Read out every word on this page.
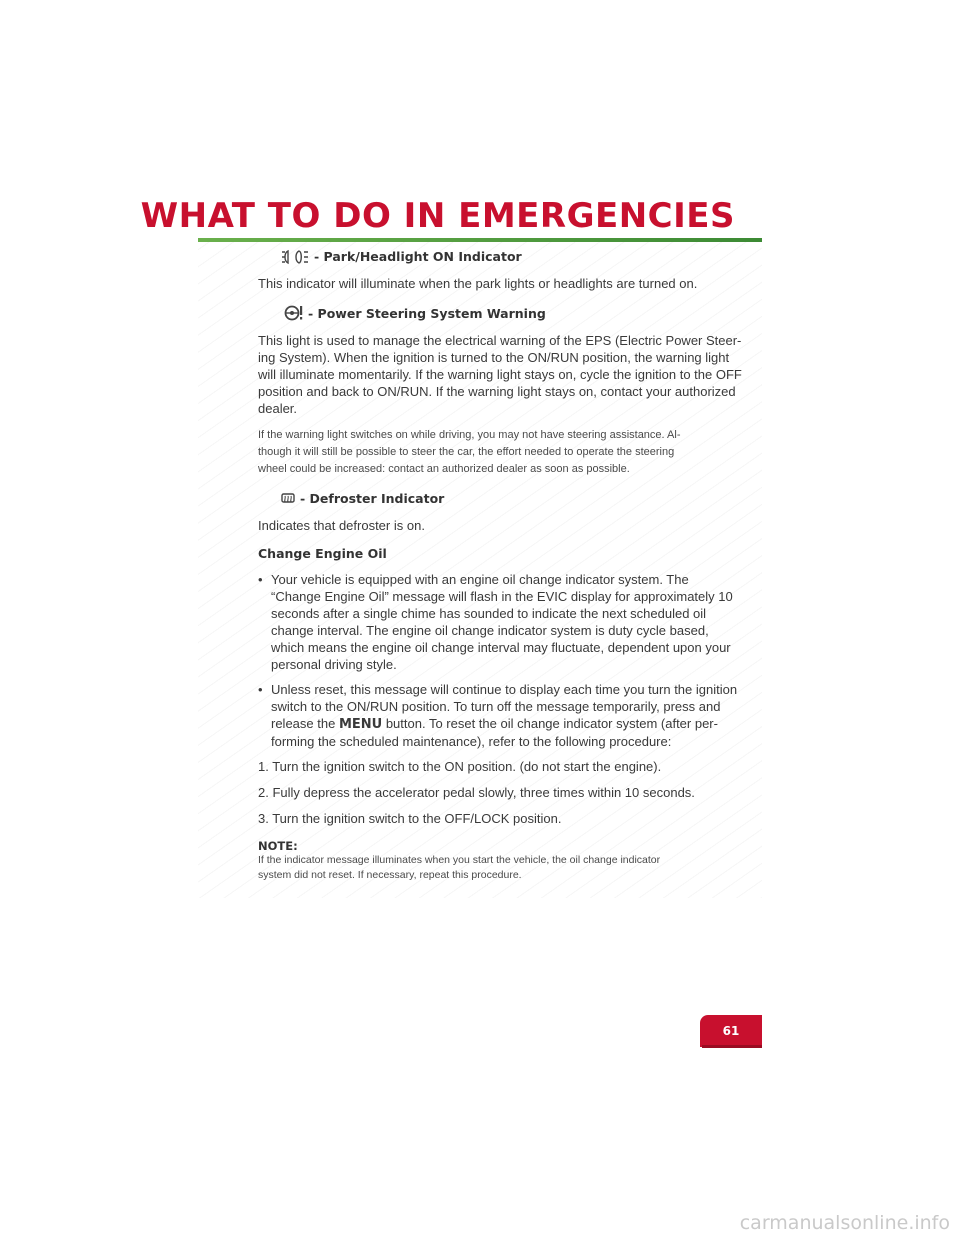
WHAT TO DO IN EMERGENCIES
- Park/Headlight ON Indicator

This indicator will illuminate when the park lights or headlights are turned on.

- Power Steering System Warning

This light is used to manage the electrical warning of the EPS (Electric Power Steer-
ing System). When the ignition is turned to the ON/RUN position, the warning light
will illuminate momentarily. If the warning light stays on, cycle the ignition to the OFF
position and back to ON/RUN. If the warning light stays on, contact your authorized
dealer.

If the warning light switches on while driving, you may not have steering assistance. Al-
though it will still be possible to steer the car, the effort needed to operate the steering
wheel could be increased: contact an authorized dealer as soon as possible.

- Defroster Indicator

Indicates that defroster is on.

Change Engine Oil
• Your vehicle is equipped with an engine oil change indicator system. The
“Change Engine Oil” message will flash in the EVIC display for approximately 10
seconds after a single chime has sounded to indicate the next scheduled oil
change interval. The engine oil change indicator system is duty cycle based,
which means the engine oil change interval may fluctuate, dependent upon your
personal driving style.
• Unless reset, this message will continue to display each time you turn the ignition
switch to the ON/RUN position. To turn off the message temporarily, press and
release the MENU button. To reset the oil change indicator system (after per-
forming the scheduled maintenance), refer to the following procedure:

1. Turn the ignition switch to the ON position. (do not start the engine).

2. Fully depress the accelerator pedal slowly, three times within 10 seconds.

3. Turn the ignition switch to the OFF/LOCK position.

NOTE:

If the indicator message illuminates when you start the vehicle, the oil change indicator
system did not reset. If necessary, repeat this procedure.

61
carmanualsonline.info
